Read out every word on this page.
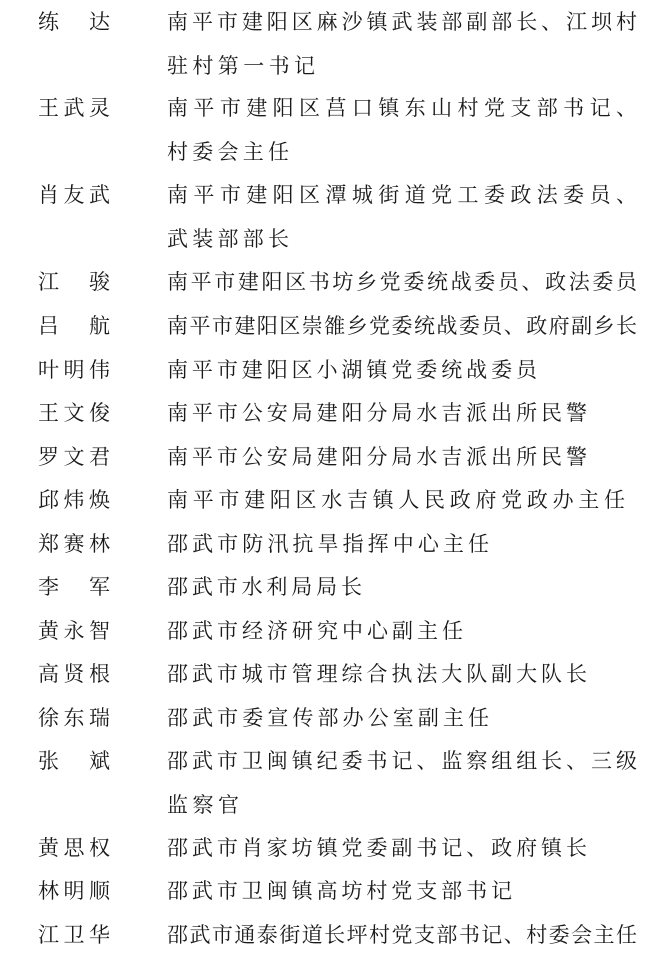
练　达	南平市建阳区麻沙镇武装部副部长、江坝村
驻村第一书记
王武灵	南平市建阳区莒口镇东山村党支部书记、
村委会主任
肖友武	南平市建阳区潭城街道党工委政法委员、
武装部部长
江　骏	南平市建阳区书坊乡党委统战委员、政法委员
吕　航	南平市建阳区崇雒乡党委统战委员、政府副乡长
叶明伟	南平市建阳区小湖镇党委统战委员
王文俊	南平市公安局建阳分局水吉派出所民警
罗文君	南平市公安局建阳分局水吉派出所民警
邱炜焕	南平市建阳区水吉镇人民政府党政办主任
郑赛林	邵武市防汛抗旱指挥中心主任
李　军	邵武市水利局局长
黄永智	邵武市经济研究中心副主任
高贤根	邵武市城市管理综合执法大队副大队长
徐东瑞	邵武市委宣传部办公室副主任
张　斌	邵武市卫闽镇纪委书记、监察组组长、三级
监察官
黄思权	邵武市肖家坊镇党委副书记、政府镇长
林明顺	邵武市卫闽镇高坊村党支部书记
江卫华	邵武市通泰街道长坪村党支部书记、村委会主任
